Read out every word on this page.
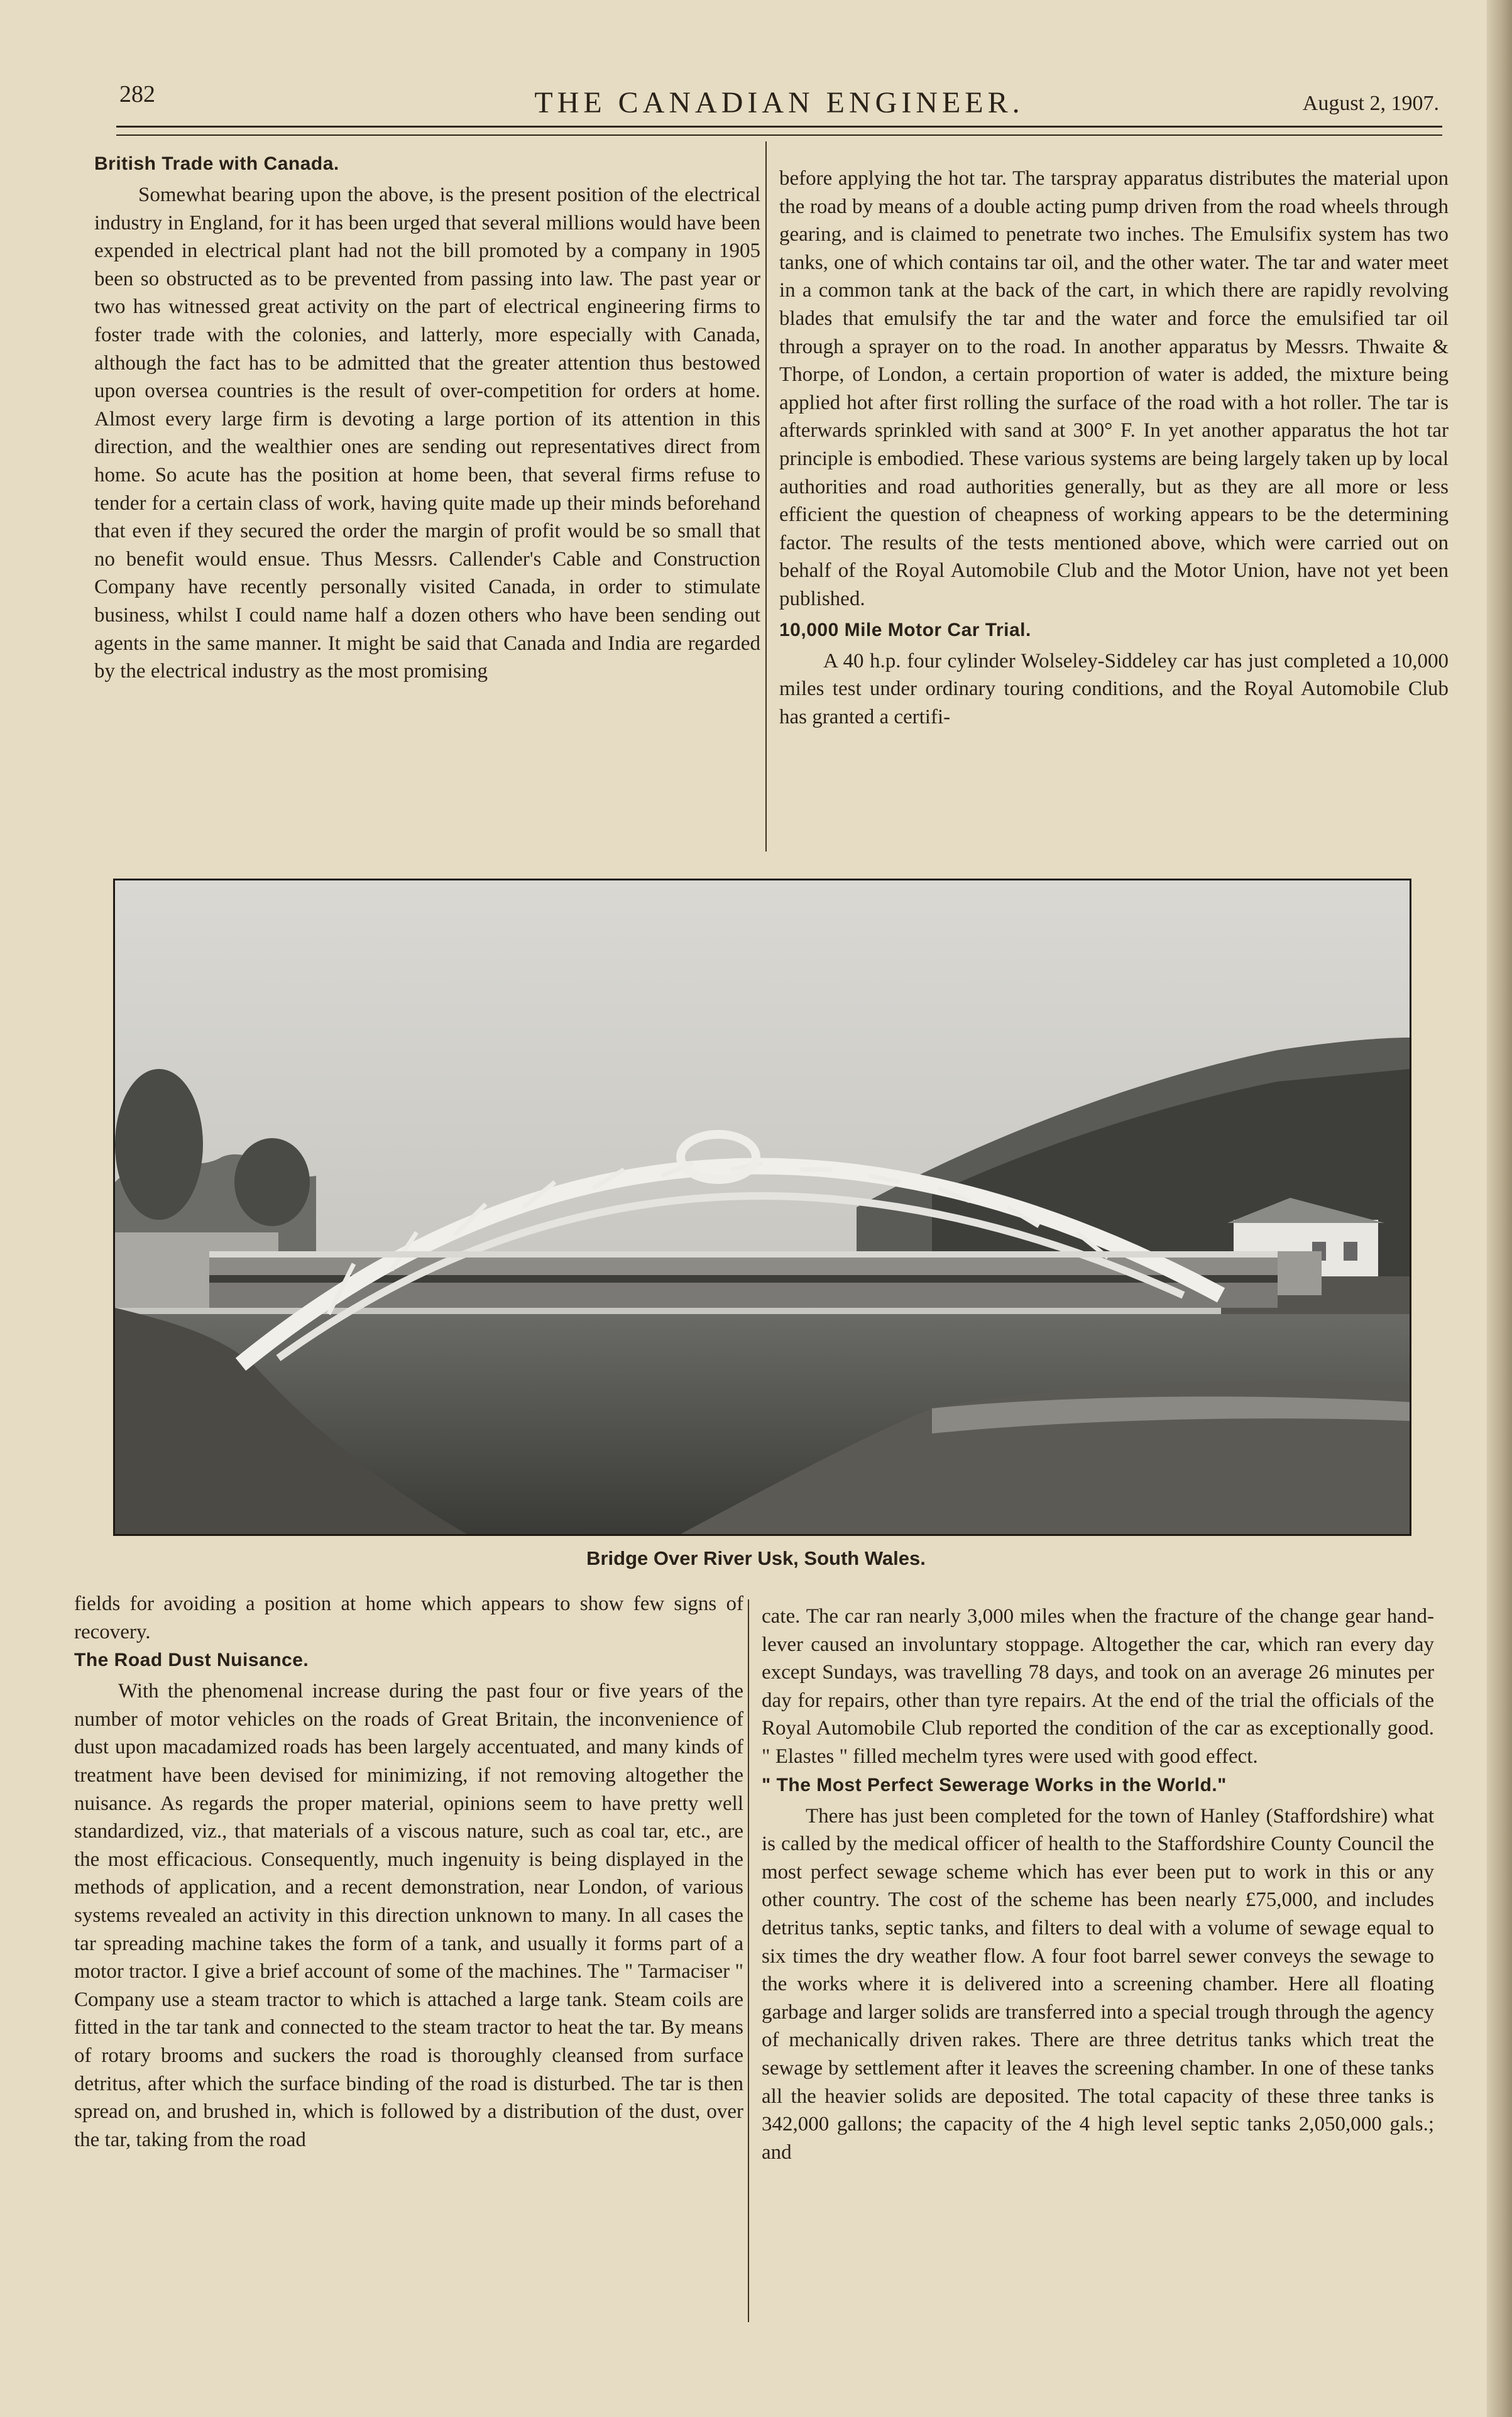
282	THE CANADIAN ENGINEER.	August 2, 1907.
British Trade with Canada.

Somewhat bearing upon the above, is the present position of the electrical industry in England, for it has been urged that several millions would have been expended in electrical plant had not the bill promoted by a company in 1905 been so obstructed as to be prevented from passing into law. The past year or two has witnessed great activity on the part of electrical engineering firms to foster trade with the colonies, and latterly, more especially with Canada, although the fact has to be admitted that the greater attention thus bestowed upon oversea countries is the result of over-competition for orders at home. Almost every large firm is devoting a large portion of its attention in this direction, and the wealthier ones are sending out representatives direct from home. So acute has the position at home been, that several firms refuse to tender for a certain class of work, having quite made up their minds beforehand that even if they secured the order the margin of profit would be so small that no benefit would ensue. Thus Messrs. Callender's Cable and Construction Company have recently personally visited Canada, in order to stimulate business, whilst I could name half a dozen others who have been sending out agents in the same manner. It might be said that Canada and India are regarded by the electrical industry as the most promising

before applying the hot tar. The tarspray apparatus distributes the material upon the road by means of a double acting pump driven from the road wheels through gearing, and is claimed to penetrate two inches. The Emulsifix system has two tanks, one of which contains tar oil, and the other water. The tar and water meet in a common tank at the back of the cart, in which there are rapidly revolving blades that emulsify the tar and the water and force the emulsified tar oil through a sprayer on to the road. In another apparatus by Messrs. Thwaite & Thorpe, of London, a certain proportion of water is added, the mixture being applied hot after first rolling the surface of the road with a hot roller. The tar is afterwards sprinkled with sand at 300° F. In yet another apparatus the hot tar principle is embodied. These various systems are being largely taken up by local authorities and road authorities generally, but as they are all more or less efficient the question of cheapness of working appears to be the determining factor. The results of the tests mentioned above, which were carried out on behalf of the Royal Automobile Club and the Motor Union, have not yet been published.

10,000 Mile Motor Car Trial.

A 40 h.p. four cylinder Wolseley-Siddeley car has just completed a 10,000 miles test under ordinary touring conditions, and the Royal Automobile Club has granted a certifi-

Bridge Over River Usk, South Wales.

fields for avoiding a position at home which appears to show few signs of recovery.

The Road Dust Nuisance.

With the phenomenal increase during the past four or five years of the number of motor vehicles on the roads of Great Britain, the inconvenience of dust upon macadamized roads has been largely accentuated, and many kinds of treatment have been devised for minimizing, if not removing altogether the nuisance. As regards the proper material, opinions seem to have pretty well standardized, viz., that materials of a viscous nature, such as coal tar, etc., are the most efficacious. Consequently, much ingenuity is being displayed in the methods of application, and a recent demonstration, near London, of various systems revealed an activity in this direction unknown to many. In all cases the tar spreading machine takes the form of a tank, and usually it forms part of a motor tractor. I give a brief account of some of the machines. The " Tarmaciser " Company use a steam tractor to which is attached a large tank. Steam coils are fitted in the tar tank and connected to the steam tractor to heat the tar. By means of rotary brooms and suckers the road is thoroughly cleansed from surface detritus, after which the surface binding of the road is disturbed. The tar is then spread on, and brushed in, which is followed by a distribution of the dust, over the tar, taking from the road

cate. The car ran nearly 3,000 miles when the fracture of the change gear hand-lever caused an involuntary stoppage. Altogether the car, which ran every day except Sundays, was travelling 78 days, and took on an average 26 minutes per day for repairs, other than tyre repairs. At the end of the trial the officials of the Royal Automobile Club reported the condition of the car as exceptionally good. " Elastes " filled mechelm tyres were used with good effect.

" The Most Perfect Sewerage Works in the World."

There has just been completed for the town of Hanley (Staffordshire) what is called by the medical officer of health to the Staffordshire County Council the most perfect sewage scheme which has ever been put to work in this or any other country. The cost of the scheme has been nearly £75,000, and includes detritus tanks, septic tanks, and filters to deal with a volume of sewage equal to six times the dry weather flow. A four foot barrel sewer conveys the sewage to the works where it is delivered into a screening chamber. Here all floating garbage and larger solids are transferred into a special trough through the agency of mechanically driven rakes. There are three detritus tanks which treat the sewage by settlement after it leaves the screening chamber. In one of these tanks all the heavier solids are deposited. The total capacity of these three tanks is 342,000 gallons; the capacity of the 4 high level septic tanks 2,050,000 gals.; and
